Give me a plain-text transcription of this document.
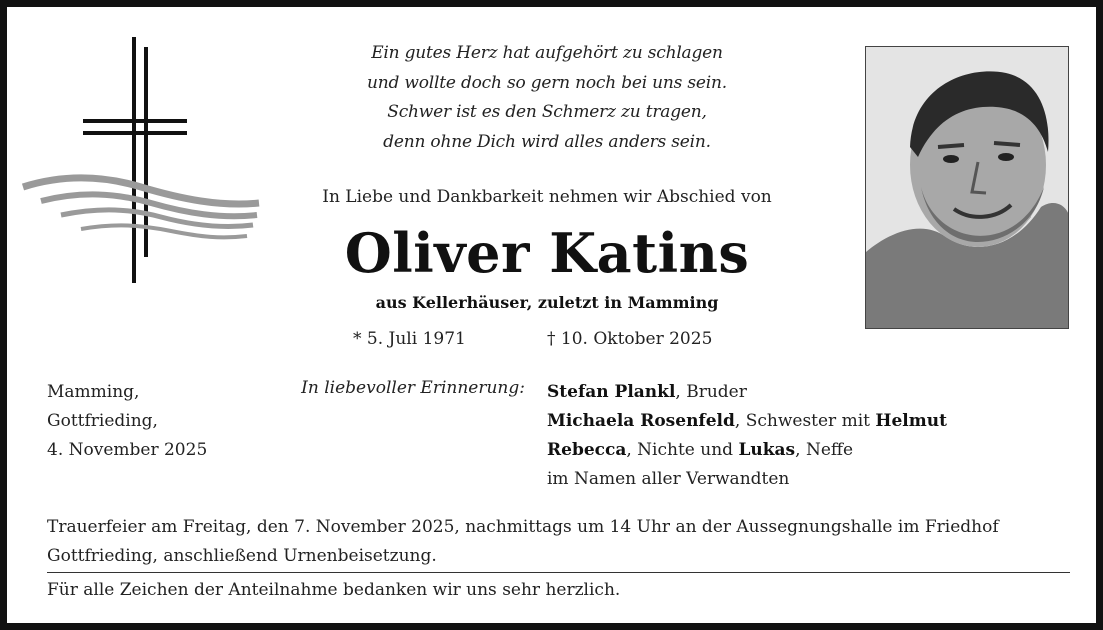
Ein gutes Herz hat aufgehört zu schlagen
und wollte doch so gern noch bei uns sein.
Schwer ist es den Schmerz zu tragen,
denn ohne Dich wird alles anders sein.
In Liebe und Dankbarkeit nehmen wir Abschied von
Oliver Katins
aus Kellerhäuser, zuletzt in Mamming
* 5. Juli 1971	† 10. Oktober 2025
Mamming,
Gottfrieding,
4. November 2025
In liebevoller Erinnerung: Stefan Plankl, Bruder
Michaela Rosenfeld, Schwester mit Helmut
Rebecca, Nichte und Lukas, Neffe
im Namen aller Verwandten
Trauerfeier am Freitag, den 7. November 2025, nachmittags um 14 Uhr an der Aussegnungshalle im Friedhof
Gottfrieding, anschließend Urnenbeisetzung.
Für alle Zeichen der Anteilnahme bedanken wir uns sehr herzlich.
